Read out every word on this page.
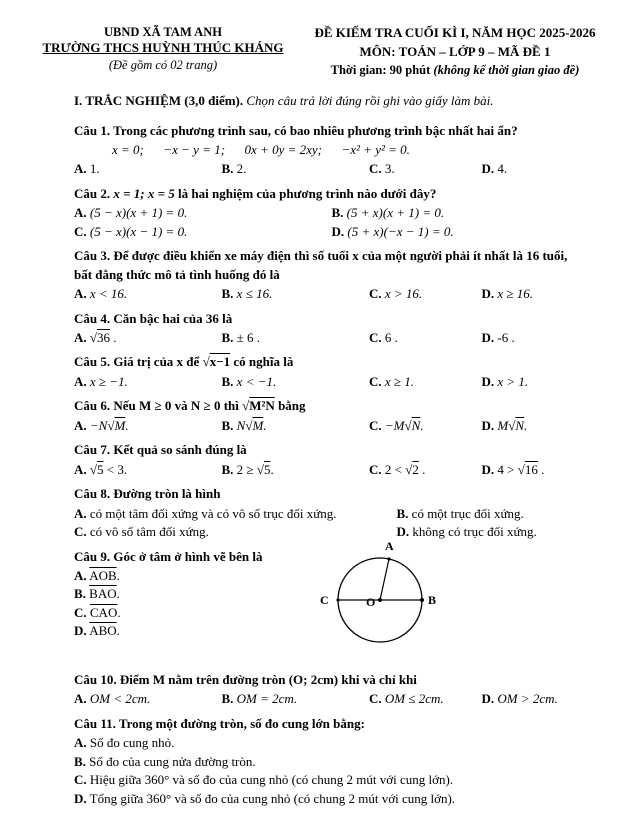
UBND XÃ TAM ANH
TRƯỜNG THCS HUỲNH THÚC KHÁNG
(Đề gồm có 02 trang)
ĐỀ KIỂM TRA CUỐI KÌ I, NĂM HỌC 2025-2026
MÔN: TOÁN – LỚP 9 – MÃ ĐỀ 1
Thời gian: 90 phút (không kể thời gian giao đề)
I. TRẮC NGHIỆM (3,0 điểm). Chọn câu trả lời đúng rồi ghi vào giấy làm bài.
Câu 1. Trong các phương trình sau, có bao nhiêu phương trình bậc nhất hai ẩn?
x = 0;  −x − y = 1;  0x + 0y = 2xy;  −x² + y² = 0.
A. 1.	B. 2.	C. 3.	D. 4.
Câu 2. x = 1; x = 5 là hai nghiệm của phương trình nào dưới đây?
A. (5 − x)(x + 1) = 0.	B. (5 + x)(x + 1) = 0.
C. (5 − x)(x − 1) = 0.	D. (5 + x)(−x − 1) = 0.
Câu 3. Để được điều khiển xe máy điện thì số tuổi x của một người phải ít nhất là 16 tuổi, bất đẳng thức mô tả tình huống đó là
A. x < 16.	B. x ≤ 16.	C. x > 16.	D. x ≥ 16.
Câu 4. Căn bậc hai của 36 là
A. √36 .	B. ± 6 .	C. 6 .	D. -6 .
Câu 5. Giá trị của x để √x−1 có nghĩa là
A. x ≥ −1.	B. x < −1.	C. x ≥ 1.	D. x > 1.
Câu 6. Nếu M ≥ 0 và N ≥ 0 thì √M²N bằng
A. −N√M.	B. N√M.	C. −M√N.	D. M√N.
Câu 7. Kết quả so sánh đúng là
A. √5 < 3.	B. 2 ≥ √5.	C. 2 < √2 .	D. 4 > √16 .
Câu 8. Đường tròn là hình
A. có một tâm đối xứng và có vô số trục đối xứng.	B. có một trục đối xứng.
C. có vô số tâm đối xứng.	D. không có trục đối xứng.
Câu 9. Góc ở tâm ở hình vẽ bên là
A. $\overline{AOB}$.
B. $\overline{BAO}$.
C. $\overline{CAO}$.
D. $\overline{ABO}$.
A
B
C	O
Câu 10. Điểm M nằm trên đường tròn (O; 2cm) khi và chỉ khi
A. OM < 2cm.	B. OM = 2cm.	C. OM ≤ 2cm.	D. OM > 2cm.
Câu 11. Trong một đường tròn, số đo cung lớn bằng:
A. Số đo cung nhỏ.
B. Số đo của cung nửa đường tròn.
C. Hiệu giữa 360° và số đo của cung nhỏ (có chung 2 mút với cung lớn).
D. Tổng giữa 360° và số đo của cung nhỏ (có chung 2 mút với cung lớn).
